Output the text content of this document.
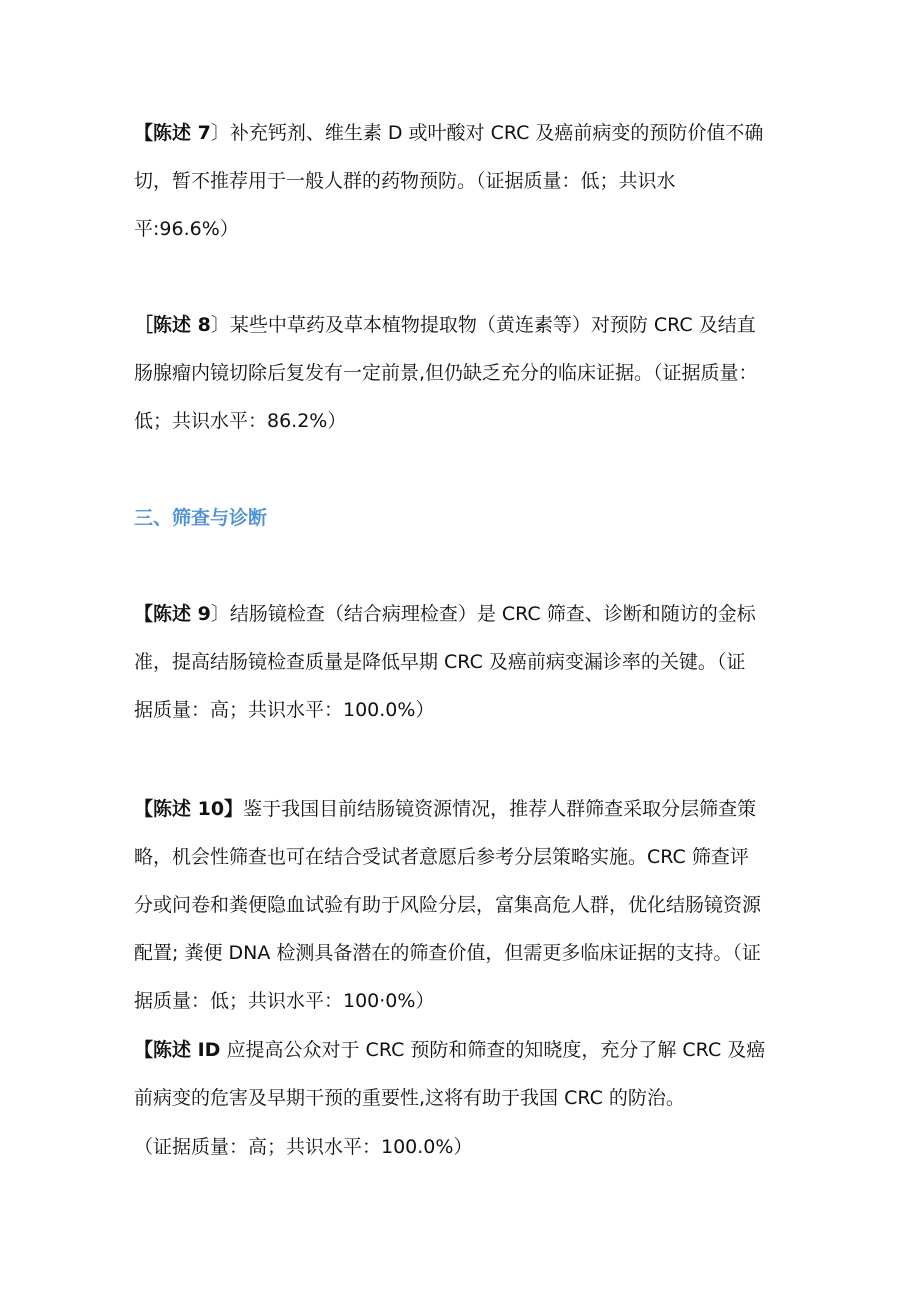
【陈述 7〕补充钙剂、维生素 D 或叶酸对 CRC 及癌前病变的预防价值不确
切，暂不推荐用于一般人群的药物预防。（证据质量：低；共识水
平:96.6%）
［陈述 8〕某些中草药及草本植物提取物（黄连素等）对预防 CRC 及结直
肠腺瘤内镜切除后复发有一定前景,但仍缺乏充分的临床证据。（证据质量：
低；共识水平：86.2%）
三、筛查与诊断
【陈述 9〕结肠镜检查（结合病理检查）是 CRC 筛查、诊断和随访的金标
准，提高结肠镜检查质量是降低早期 CRC 及癌前病变漏诊率的关键。（证
据质量：高；共识水平：100.0%）
【陈述 10】鉴于我国目前结肠镜资源情况，推荐人群筛查采取分层筛查策
略，机会性筛查也可在结合受试者意愿后参考分层策略实施。CRC 筛查评
分或问卷和粪便隐血试验有助于风险分层，富集高危人群，优化结肠镜资源
配置; 粪便 DNA 检测具备潜在的筛查价值，但需更多临床证据的支持。（证
据质量：低；共识水平：100·0%）
【陈述 ID 应提高公众对于 CRC 预防和筛查的知晓度，充分了解 CRC 及癌
前病变的危害及早期干预的重要性,这将有助于我国 CRC 的防治。
（证据质量：高；共识水平：100.0%）
